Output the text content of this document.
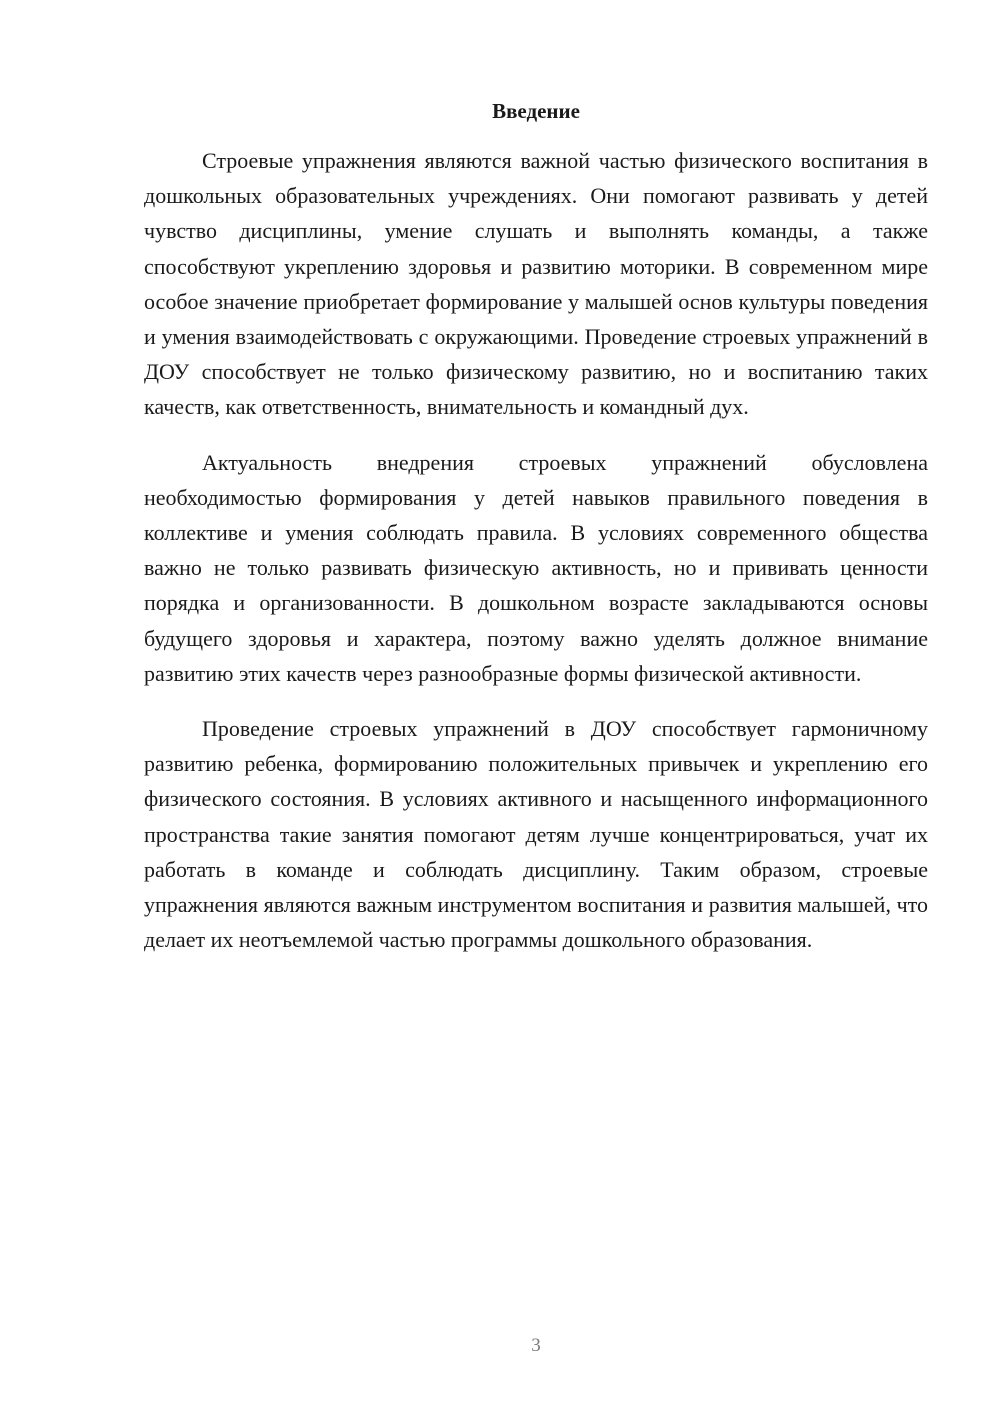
Введение

Строевые упражнения являются важной частью физического воспитания в дошкольных образовательных учреждениях. Они помогают развивать у детей чувство дисциплины, умение слушать и выполнять команды, а также способствуют укреплению здоровья и развитию моторики. В современном мире особое значение приобретает формирование у малышей основ культуры поведения и умения взаимодействовать с окружающими. Проведение строевых упражнений в ДОУ способствует не только физическому развитию, но и воспитанию таких качеств, как ответственность, внимательность и командный дух.

Актуальность внедрения строевых упражнений обусловлена необходимостью формирования у детей навыков правильного поведения в коллективе и умения соблюдать правила. В условиях современного общества важно не только развивать физическую активность, но и прививать ценности порядка и организованности. В дошкольном возрасте закладываются основы будущего здоровья и характера, поэтому важно уделять должное внимание развитию этих качеств через разнообразные формы физической активности.

Проведение строевых упражнений в ДОУ способствует гармоничному развитию ребенка, формированию положительных привычек и укреплению его физического состояния. В условиях активного и насыщенного информационного пространства такие занятия помогают детям лучше концентрироваться, учат их работать в команде и соблюдать дисциплину. Таким образом, строевые упражнения являются важным инструментом воспитания и развития малышей, что делает их неотъемлемой частью программы дошкольного образования.

3
